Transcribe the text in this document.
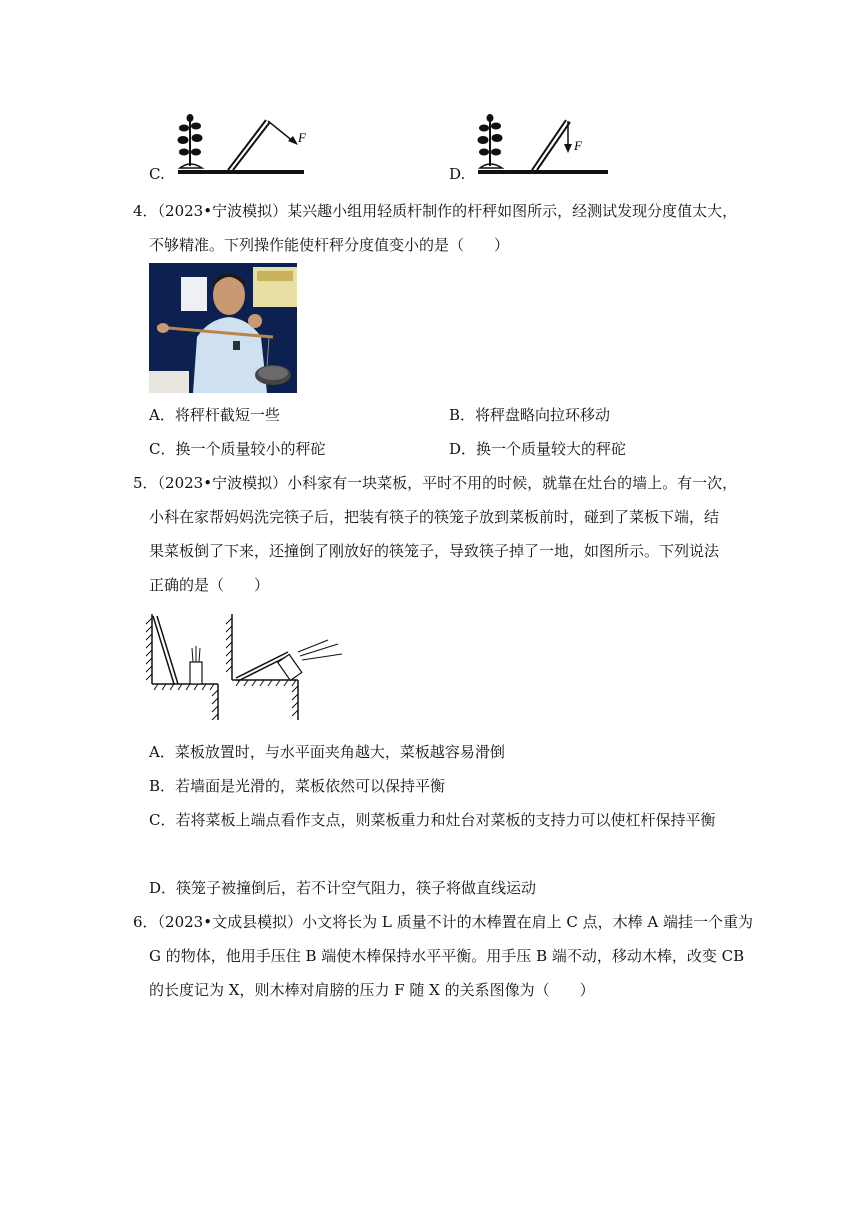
C.
F
D.
F
4．（2023•宁波模拟）某兴趣小组用轻质杆制作的杆秤如图所示，经测试发现分度值太大，
不够精准。下列操作能使杆秤分度值变小的是（　　）
A．将秤杆截短一些	B．将秤盘略向拉环移动
C．换一个质量较小的秤砣	D．换一个质量较大的秤砣
5．（2023•宁波模拟）小科家有一块菜板，平时不用的时候，就靠在灶台的墙上。有一次，
小科在家帮妈妈洗完筷子后，把装有筷子的筷笼子放到菜板前时，碰到了菜板下端，结
果菜板倒了下来，还撞倒了刚放好的筷笼子，导致筷子掉了一地，如图所示。下列说法
正确的是（　　）
A．菜板放置时，与水平面夹角越大，菜板越容易滑倒
B．若墙面是光滑的，菜板依然可以保持平衡
C．若将菜板上端点看作支点，则菜板重力和灶台对菜板的支持力可以使杠杆保持平衡
D．筷笼子被撞倒后，若不计空气阻力，筷子将做直线运动
6．（2023•文成县模拟）小文将长为 L 质量不计的木棒置在肩上 C 点，木棒 A 端挂一个重为
G 的物体，他用手压住 B 端使木棒保持水平平衡。用手压 B 端不动，移动木棒，改变 CB
的长度记为 X，则木棒对肩膀的压力 F 随 X 的关系图像为（　　）
